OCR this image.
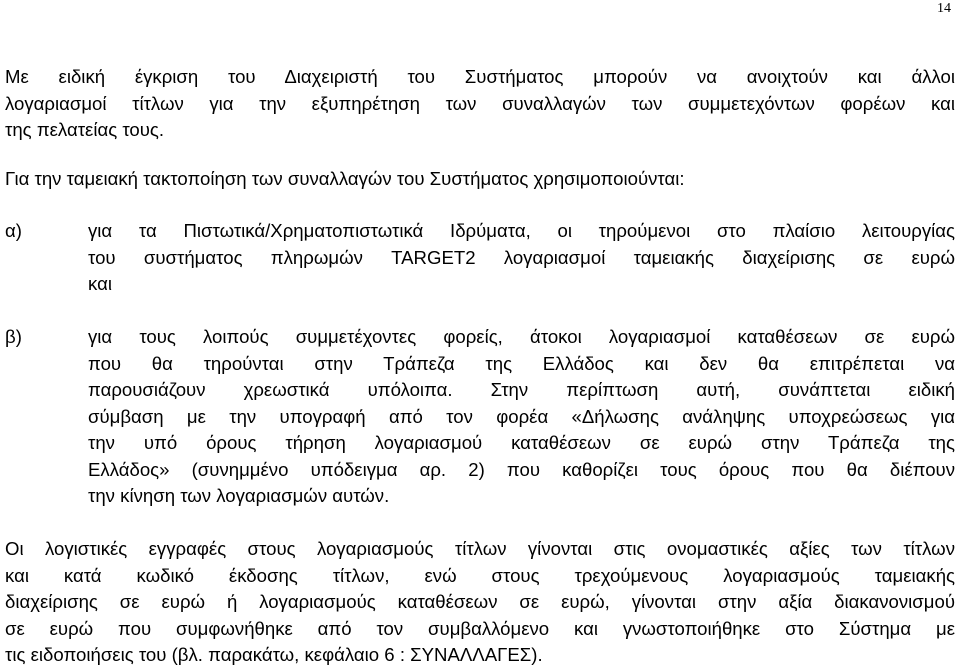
14
Με ειδική έγκριση του Διαχειριστή του Συστήματος μπορούν να ανοιχτούν και άλλοι
λογαριασμοί τίτλων για την εξυπηρέτηση των συναλλαγών των συμμετεχόντων φορέων και
της πελατείας τους.
Για την ταμειακή τακτοποίηση των συναλλαγών του Συστήματος χρησιμοποιούνται:
α)	για τα Πιστωτικά/Χρηματοπιστωτικά Ιδρύματα, οι τηρούμενοι στο πλαίσιο λειτουργίας
του συστήματος πληρωμών TARGET2 λογαριασμοί ταμειακής διαχείρισης σε ευρώ
και
β)	για τους λοιπούς συμμετέχοντες φορείς, άτοκοι λογαριασμοί καταθέσεων σε ευρώ
που θα τηρούνται στην Τράπεζα της Ελλάδος και δεν θα επιτρέπεται να
παρουσιάζουν χρεωστικά υπόλοιπα. Στην περίπτωση αυτή, συνάπτεται ειδική
σύμβαση με την υπογραφή από τον φορέα «Δήλωσης ανάληψης υποχρεώσεως για
την υπό όρους τήρηση λογαριασμού καταθέσεων σε ευρώ στην Τράπεζα της
Ελλάδος» (συνημμένο υπόδειγμα αρ. 2) που καθορίζει τους όρους που θα διέπουν
την κίνηση των λογαριασμών αυτών.
Οι λογιστικές εγγραφές στους λογαριασμούς τίτλων γίνονται στις ονομαστικές αξίες των τίτλων
και κατά κωδικό έκδοσης τίτλων, ενώ στους τρεχούμενους λογαριασμούς ταμειακής
διαχείρισης σε ευρώ ή λογαριασμούς καταθέσεων σε ευρώ, γίνονται στην αξία διακανονισμού
σε ευρώ που συμφωνήθηκε από τον συμβαλλόμενο και γνωστοποιήθηκε στο Σύστημα με
τις ειδοποιήσεις του (βλ. παρακάτω, κεφάλαιο 6 : ΣΥΝΑΛΛΑΓΕΣ).
